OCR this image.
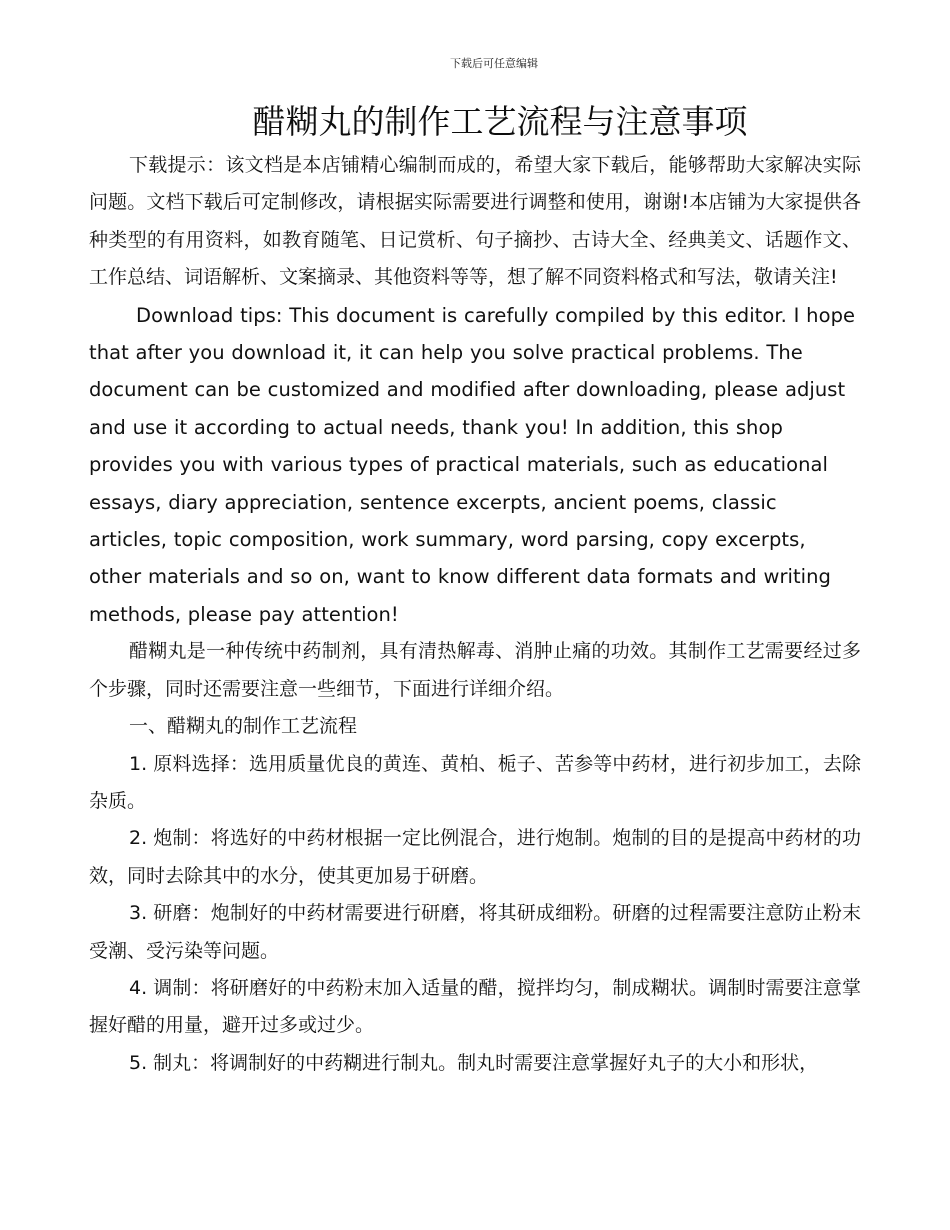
下载后可任意编辑
醋糊丸的制作工艺流程与注意事项

下载提示：该文档是本店铺精心编制而成的，希望大家下载后，能够帮助大家解决实际问题。文档下载后可定制修改，请根据实际需要进行调整和使用，谢谢!本店铺为大家提供各种类型的有用资料，如教育随笔、日记赏析、句子摘抄、古诗大全、经典美文、话题作文、工作总结、词语解析、文案摘录、其他资料等等，想了解不同资料格式和写法，敬请关注!

Download tips: This document is carefully compiled by this editor. I hope that after you download it, it can help you solve practical problems. The document can be customized and modified after downloading, please adjust and use it according to actual needs, thank you! In addition, this shop provides you with various types of practical materials, such as educational essays, diary appreciation, sentence excerpts, ancient poems, classic articles, topic composition, work summary, word parsing, copy excerpts, other materials and so on, want to know different data formats and writing methods, please pay attention!

醋糊丸是一种传统中药制剂，具有清热解毒、消肿止痛的功效。其制作工艺需要经过多个步骤，同时还需要注意一些细节，下面进行详细介绍。

一、醋糊丸的制作工艺流程

1. 原料选择：选用质量优良的黄连、黄柏、栀子、苦参等中药材，进行初步加工，去除杂质。

2. 炮制：将选好的中药材根据一定比例混合，进行炮制。炮制的目的是提高中药材的功效，同时去除其中的水分，使其更加易于研磨。

3. 研磨：炮制好的中药材需要进行研磨，将其研成细粉。研磨的过程需要注意防止粉末受潮、受污染等问题。

4. 调制：将研磨好的中药粉末加入适量的醋，搅拌均匀，制成糊状。调制时需要注意掌握好醋的用量，避开过多或过少。

5. 制丸：将调制好的中药糊进行制丸。制丸时需要注意掌握好丸子的大小和形状，
